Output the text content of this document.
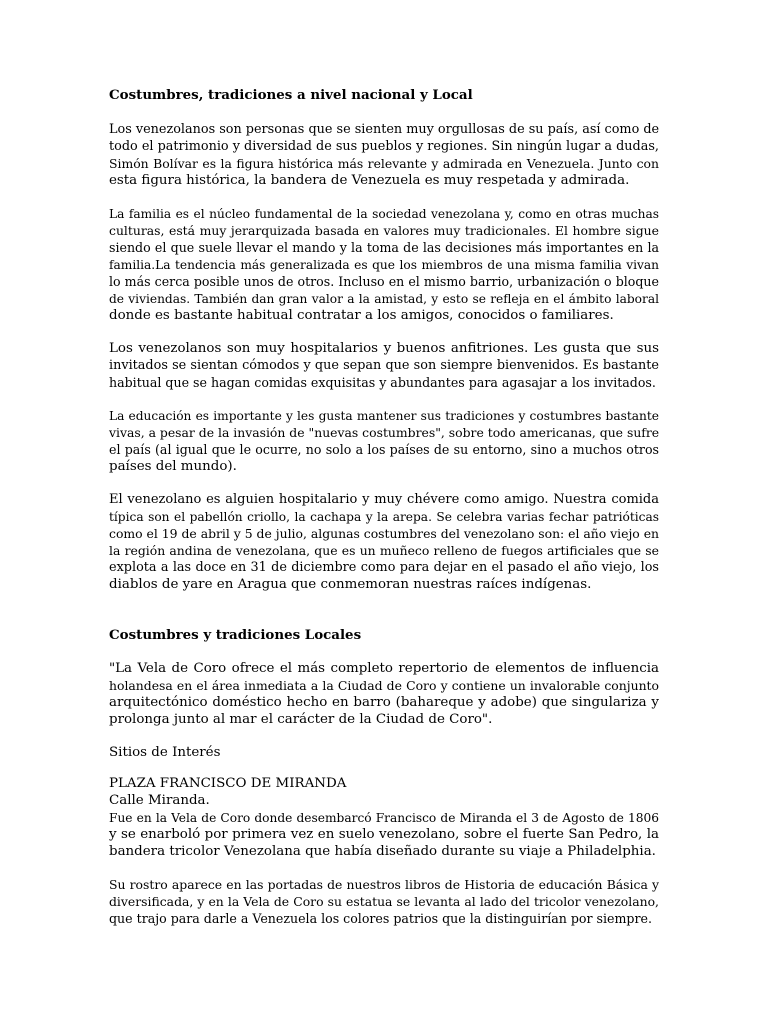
Costumbres, tradiciones a nivel nacional y Local
Los venezolanos son personas que se sienten muy orgullosas de su país, así como de
todo el patrimonio y diversidad de sus pueblos y regiones. Sin ningún lugar a dudas,
Simón Bolívar es la figura histórica más relevante y admirada en Venezuela. Junto con
esta figura histórica, la bandera de Venezuela es muy respetada y admirada.
La familia es el núcleo fundamental de la sociedad venezolana y, como en otras muchas
culturas, está muy jerarquizada basada en valores muy tradicionales. El hombre sigue
siendo el que suele llevar el mando y la toma de las decisiones más importantes en la
familia.La tendencia más generalizada es que los miembros de una misma familia vivan
lo más cerca posible unos de otros. Incluso en el mismo barrio, urbanización o bloque
de viviendas. También dan gran valor a la amistad, y esto se refleja en el ámbito laboral
donde es bastante habitual contratar a los amigos, conocidos o familiares.
Los venezolanos son muy hospitalarios y buenos anfitriones. Les gusta que sus
invitados se sientan cómodos y que sepan que son siempre bienvenidos. Es bastante
habitual que se hagan comidas exquisitas y abundantes para agasajar a los invitados.
La educación es importante y les gusta mantener sus tradiciones y costumbres bastante
vivas, a pesar de la invasión de "nuevas costumbres", sobre todo americanas, que sufre
el país (al igual que le ocurre, no solo a los países de su entorno, sino a muchos otros
países del mundo).
El venezolano es alguien hospitalario y muy chévere como amigo. Nuestra comida
típica son el pabellón criollo, la cachapa y la arepa. Se celebra varias fechar patrióticas
como el 19 de abril y 5 de julio, algunas costumbres del venezolano son: el año viejo en
la región andina de venezolana, que es un muñeco relleno de fuegos artificiales que se
explota a las doce en 31 de diciembre como para dejar en el pasado el año viejo, los
diablos de yare en Aragua que conmemoran nuestras raíces indígenas.
Costumbres y tradiciones Locales
"La Vela de Coro ofrece el más completo repertorio de elementos de influencia
holandesa en el área inmediata a la Ciudad de Coro y contiene un invalorable conjunto
arquitectónico doméstico hecho en barro (bahareque y adobe) que singulariza y
prolonga junto al mar el carácter de la Ciudad de Coro".
Sitios de Interés
PLAZA FRANCISCO DE MIRANDA
Calle Miranda.
Fue en la Vela de Coro donde desembarcó Francisco de Miranda el 3 de Agosto de 1806
y se enarboló por primera vez en suelo venezolano, sobre el fuerte San Pedro, la
bandera tricolor Venezolana que había diseñado durante su viaje a Philadelphia.
Su rostro aparece en las portadas de nuestros libros de Historia de educación Básica y
diversificada, y en la Vela de Coro su estatua se levanta al lado del tricolor venezolano,
que trajo para darle a Venezuela los colores patrios que la distinguirían por siempre.
